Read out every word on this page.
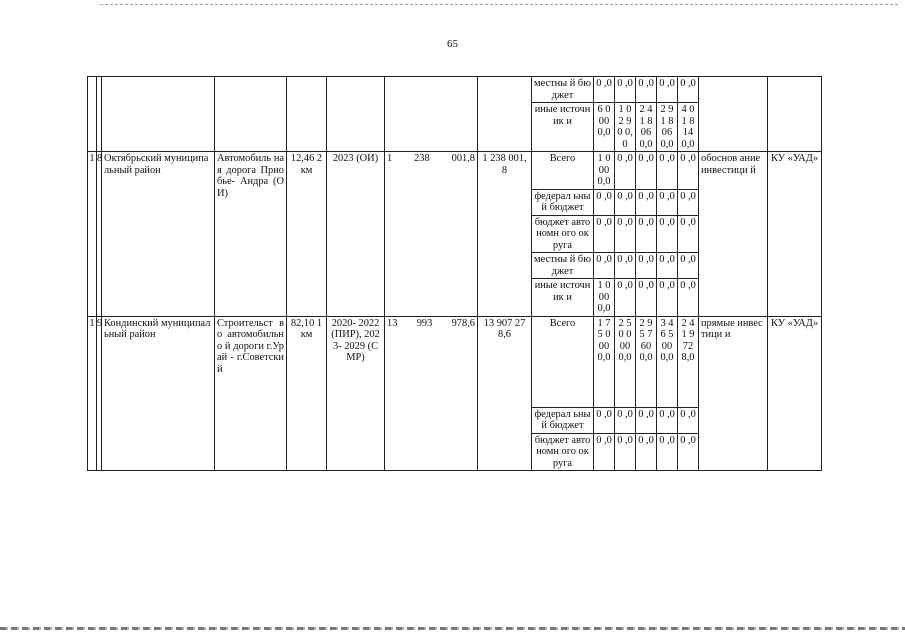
65
								местны й бюджет	0 ,0	0 ,0	0 ,0	0 ,0	0 ,0		
								иные источник и	6 0 00 0,0	1 02 90 0,0	2 41 8 06 0,0	2 91 8 06 0,0	4 01 8 14 0,0		
1	8	Октябрьский муниципальный район	Автомобиль ная дорога Приобье- Андра (ОИ)	12,46 2 км	2023 (ОИ)	1 238 001,8	1 238 001,8	Всего	1 0 00 0,0	0 ,0	0 ,0	0 ,0	0 ,0	обоснов ание инвестици й	КУ «УАД»
								федерал ьный бюджет	0 ,0	0 ,0	0 ,0	0 ,0	0 ,0		
								бюджет автономн ого округа	0 ,0	0 ,0	0 ,0	0 ,0	0 ,0		
								местны й бюджет	0 ,0	0 ,0	0 ,0	0 ,0	0 ,0		
								иные источник и	1 0 00 0,0	0 ,0	0 ,0	0 ,0	0 ,0		
1	9	Кондинский муниципальный район	Строительст во автомобильно й дороги г.Урай - г.Советский	82,10 1 км	2020- 2022 (ПИР), 2023- 2029 (СМР)	13 993 978,6	13 907 278,6	Всего	1 75 0 00 0,0	2 50 0 00 0,0	2 95 7 60 0,0	3 46 5 00 0,0	2 41 9 72 8,0	прямые инвестици и	КУ «УАД»
								федерал ьный бюджет	0 ,0	0 ,0	0 ,0	0 ,0	0 ,0		
								бюджет автономн ого округа	0 ,0	0 ,0	0 ,0	0 ,0	0 ,0		
